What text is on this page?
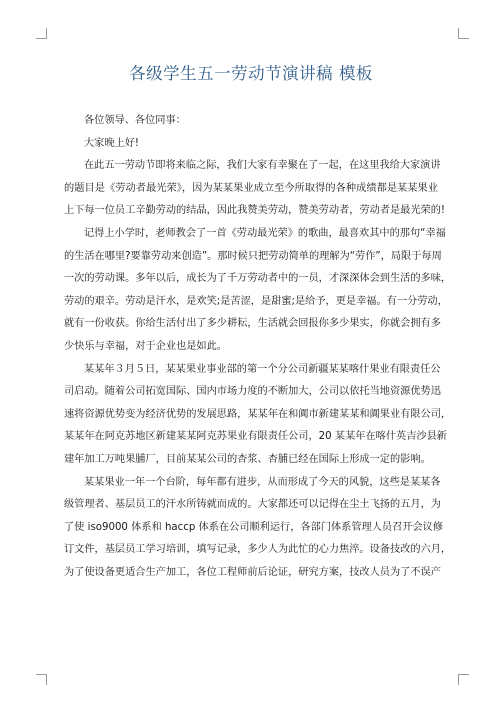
各级学生五一劳动节演讲稿 模板

各位领导、各位同事：

大家晚上好!

在此五一劳动节即将来临之际，我们大家有幸聚在了一起，在这里我给大家演讲

的题目是《劳动者最光荣》，因为某某果业成立至今所取得的各种成绩都是某某果业

上下每一位员工辛勤劳动的结晶，因此我赞美劳动，赞美劳动者，劳动者是最光荣的!

记得上小学时，老师教会了一首《劳动最光荣》的歌曲，最喜欢其中的那句“幸福

的生活在哪里?要靠劳动来创造”。那时候只把劳动简单的理解为“劳作”，局限于每周

一次的劳动课。多年以后，成长为了千万劳动者中的一员，才深深体会到生活的多味，

劳动的艰辛。劳动是汗水，是欢笑;是苦涩，是甜蜜;是给予，更是幸福。有一分劳动，

就有一份收获。你给生活付出了多少耕耘，生活就会回报你多少果实，你就会拥有多

少快乐与幸福，对于企业也是如此。

某某年３月５日，某某果业事业部的第一个分公司新疆某某喀什果业有限责任公

司启动。随着公司拓宽国际、国内市场力度的不断加大，公司以依托当地资源优势迅

速将资源优势变为经济优势的发展思路，某某年在和阗市新建某某和阗果业有限公司，

某某年在阿克苏地区新建某某阿克苏果业有限责任公司，20 某某年在喀什英吉沙县新

建年加工万吨果脯厂，目前某某公司的杏浆、杏脯已经在国际上形成一定的影响。

某某果业一年一个台阶，每年都有进步，从而形成了今天的风貌，这些是某某各

级管理者、基层员工的汗水所铸就而成的。大家都还可以记得在尘土飞扬的五月，为

了使 iso9000 体系和 haccp 体系在公司顺利运行，各部门体系管理人员召开会议修

订文件，基层员工学习培训，填写记录，多少人为此忙的心力焦淬。设备技改的六月，

为了使设备更适合生产加工，各位工程师前后论证，研究方案，技改人员为了不误产
